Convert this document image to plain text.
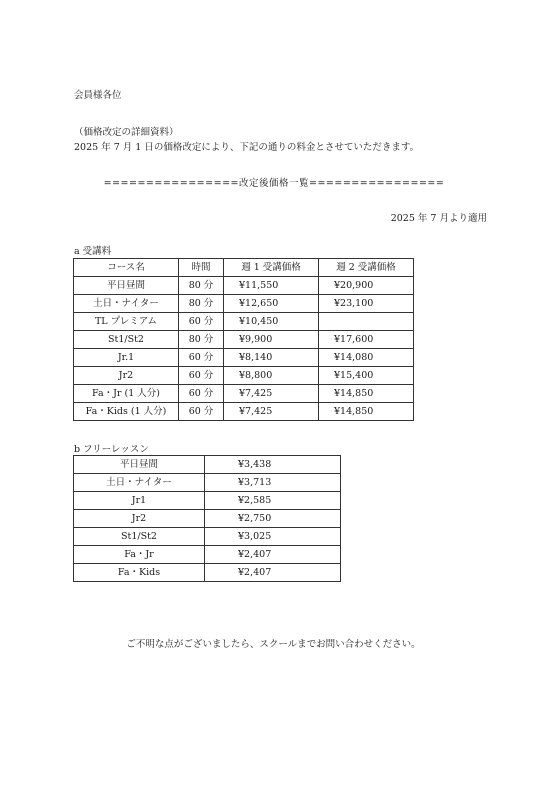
会員様各位
（価格改定の詳細資料）
2025 年 7 月 1 日の価格改定により、下記の通りの料金とさせていただきます。
================改定後価格一覧================
2025 年 7 月より適用
a 受講料
コース名	時間	週 1 受講価格	週 2 受講価格
平日昼間	80 分	¥11,550	¥20,900
土日・ナイター	80 分	¥12,650	¥23,100
TL プレミアム	60 分	¥10,450	
St1/St2	80 分	¥9,900	¥17,600
Jr.1	60 分	¥8,140	¥14,080
Jr2	60 分	¥8,800	¥15,400
Fa・Jr (1 人分)	60 分	¥7,425	¥14,850
Fa・Kids (1 人分)	60 分	¥7,425	¥14,850
b フリーレッスン
平日昼間	¥3,438
土日・ナイター	¥3,713
Jr1	¥2,585
Jr2	¥2,750
St1/St2	¥3,025
Fa・Jr	¥2,407
Fa・Kids	¥2,407
ご不明な点がございましたら、スクールまでお問い合わせください。
